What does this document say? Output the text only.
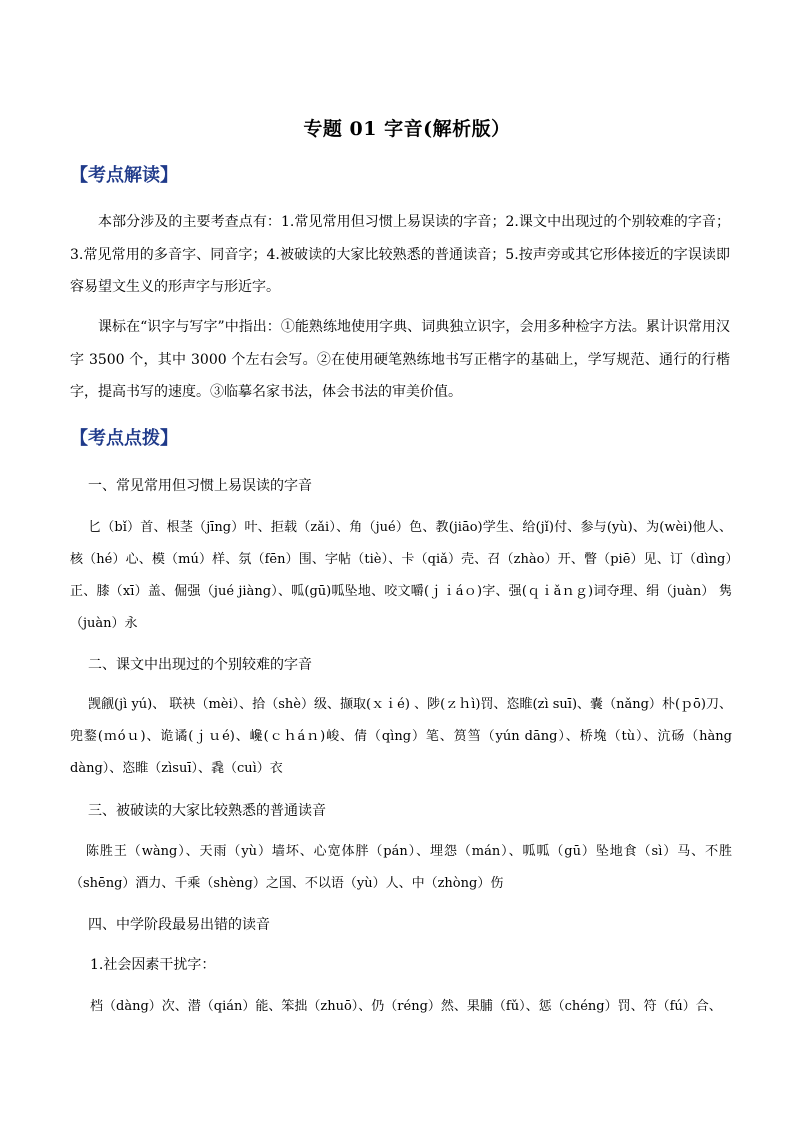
专题 01 字音(解析版）
【考点解读】
本部分涉及的主要考查点有：1.常见常用但习惯上易误读的字音；2.课文中出现过的个别较难的字音；3.常见常用的多音字、同音字；4.被破读的大家比较熟悉的普通读音；5.按声旁或其它形体接近的字误读即容易望文生义的形声字与形近字。
课标在“识字与写字”中指出：①能熟练地使用字典、词典独立识字，会用多种检字方法。累计识常用汉字 3500 个，其中 3000 个左右会写。②在使用硬笔熟练地书写正楷字的基础上，学写规范、通行的行楷字，提高书写的速度。③临摹名家书法，体会书法的审美价值。
【考点点拨】
一、常见常用但习惯上易误读的字音
匕（bǐ）首、根茎（jīng）叶、拒载（zǎi）、角（jué）色、教(jiāo)学生、给(jǐ)付、参与(yù)、为(wèi)他人、核（hé）心、模（mú）样、氛（fēn）围、字帖（tiè）、卡（qiǎ）壳、召（zhào）开、瞥（piē）见、订（dìng）正、膝（xī）盖、倔强（jué jiàng）、呱(gū)呱坠地、咬文嚼(ｊｉáｏ)字、强(ｑｉǎｎｇ)词夺理、绢（juàn） 隽（juàn）永
二、课文中出现过的个别较难的字音
觊觎(jì yú)、 联袂（mèi）、拾（shè）级、撷取(ｘｉé) 、陟(ｚｈì)罚、恣睢(zì suī)、嚢（nǎng）朴(ｐō)刀、兜鍪(ｍóｕ)、诡谲(ｊｕé)、巉(ｃｈáｎ)峻、倩（qìng）笔、筼筜（yún dāng）、桥堍（tù）、沆砀（hàng dàng）、恣睢（zìsuī）、毳（cuì）衣
三、被破读的大家比较熟悉的普通读音
陈胜王（wàng）、天雨（yù）墙坏、心宽体胖（pán）、埋怨（mán）、呱呱（gū）坠地食（sì）马、不胜（shēng）酒力、千乘（shèng）之国、不以语（yù）人、中（zhòng）伤
四、中学阶段最易出错的读音
1.社会因素干扰字：
档（dàng）次、潜（qián）能、笨拙（zhuō）、仍（réng）然、果脯（fǔ）、惩（chéng）罚、符（fú）合、
